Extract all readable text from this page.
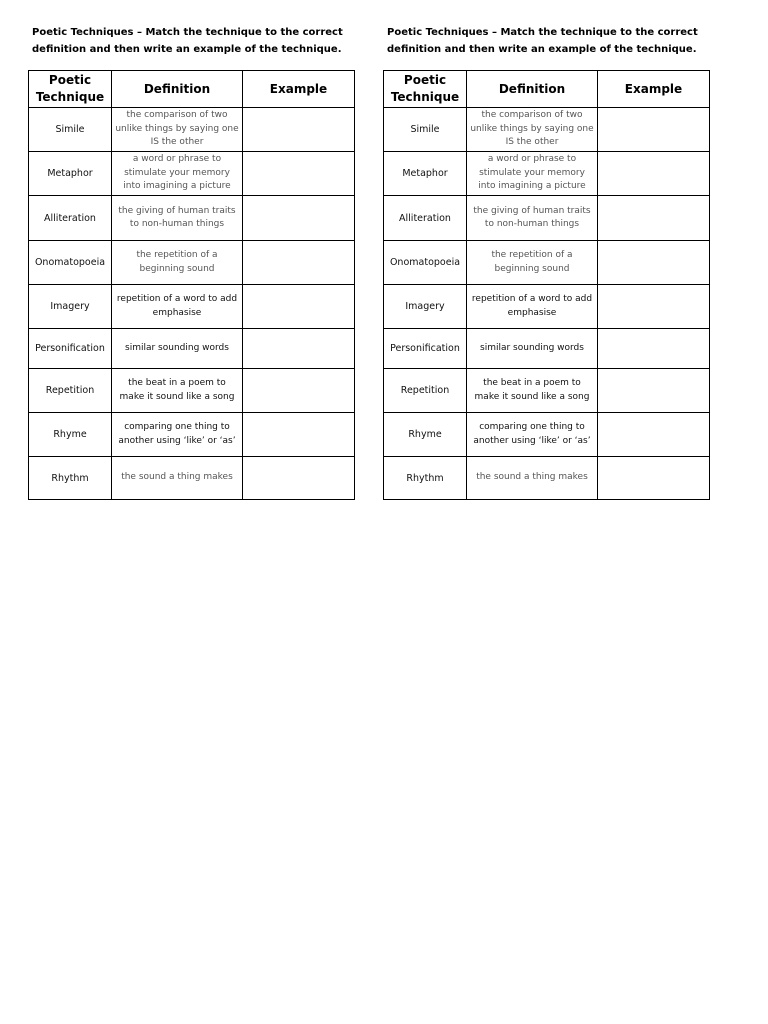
Poetic Techniques – Match the technique to the correct
definition and then write an example of the technique.
Poetic Technique	Definition	Example
Simile	the comparison of two unlike things by saying one IS the other	
Metaphor	a word or phrase to stimulate your memory into imagining a picture	
Alliteration	the giving of human traits to non-human things	
Onomatopoeia	the repetition of a beginning sound	
Imagery	repetition of a word to add emphasise	
Personification	similar sounding words	
Repetition	the beat in a poem to make it sound like a song	
Rhyme	comparing one thing to another using ‘like’ or ‘as’	
Rhythm	the sound a thing makes	
Poetic Techniques – Match the technique to the correct
definition and then write an example of the technique.
Poetic Technique	Definition	Example
Simile	the comparison of two unlike things by saying one IS the other	
Metaphor	a word or phrase to stimulate your memory into imagining a picture	
Alliteration	the giving of human traits to non-human things	
Onomatopoeia	the repetition of a beginning sound	
Imagery	repetition of a word to add emphasise	
Personification	similar sounding words	
Repetition	the beat in a poem to make it sound like a song	
Rhyme	comparing one thing to another using ‘like’ or ‘as’	
Rhythm	the sound a thing makes	
